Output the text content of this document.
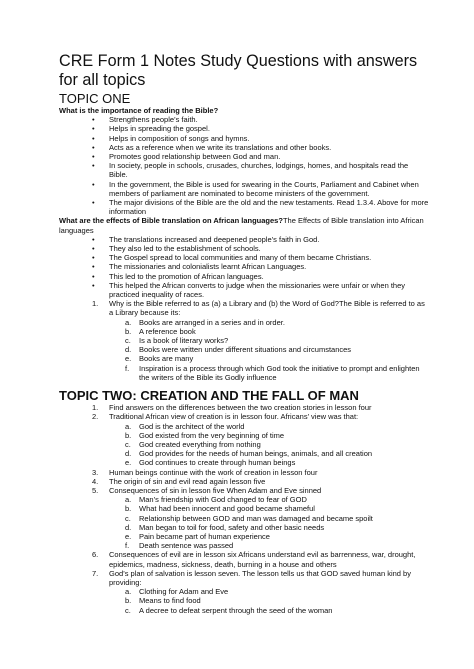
CRE Form 1 Notes Study Questions with answers for all topics
TOPIC ONE

What is the importance of reading the Bible?

• Strengthens people’s faith.
• Helps in spreading the gospel.
• Helps in composition of songs and hymns.
• Acts as a reference when we write its translations and other books.
• Promotes good relationship between God and man.
• In society, people in schools, crusades, churches, lodgings, homes, and hospitals read the Bible.
• In the government, the Bible is used for swearing in the Courts, Parliament and Cabinet when members of parliament are nominated to become ministers of the government.
• The major divisions of the Bible are the old and the new testaments. Read 1.3.4. Above for more information

What are the effects of Bible translation on African languages?The Effects of Bible translation into African languages

• The translations increased and deepened people’s faith in God.
• They also led to the establishment of schools.
• The Gospel spread to local communities and many of them became Christians.
• The missionaries and colonialists learnt African Languages.
• This led to the promotion of African languages.
• This helped the African converts to judge when the missionaries were unfair or when they practiced inequality of races.
1. Why is the Bible referred to as (a) a Library and (b) the Word of God?The Bible is referred to as a Library because its:
a. Books are arranged in a series and in order.
b. A reference book
c. Is a book of literary works?
d. Books were written under different situations and circumstances
e. Books are many
f. Inspiration is a process through which God took the initiative to prompt and enlighten the writers of the Bible its Godly influence
TOPIC TWO: CREATION AND THE FALL OF MAN
1. Find answers on the differences between the two creation stories in lesson four
2. Traditional African view of creation is in lesson four. Africans’ view was that:
a. God is the architect of the world
b. God existed from the very beginning of time
c. God created everything from nothing
d. God provides for the needs of human beings, animals, and all creation
e. God continues to create through human beings
3. Human beings continue with the work of creation in lesson four
4. The origin of sin and evil read again lesson five
5. Consequences of sin in lesson five When Adam and Eve sinned
a. Man’s friendship with God changed to fear of GOD
b. What had been innocent and good became shameful
c. Relationship between GOD and man was damaged and became spoilt
d. Man began to toil for food, safety and other basic needs
e. Pain became part of human experience
f. Death sentence was passed
6. Consequences of evil are in lesson six Africans understand evil as barrenness, war, drought, epidemics, madness, sickness, death, burning in a house and others
7. God’s plan of salvation is lesson seven. The lesson tells us that GOD saved human kind by providing:
a. Clothing for Adam and Eve
b. Means to find food
c. A decree to defeat serpent through the seed of the woman
